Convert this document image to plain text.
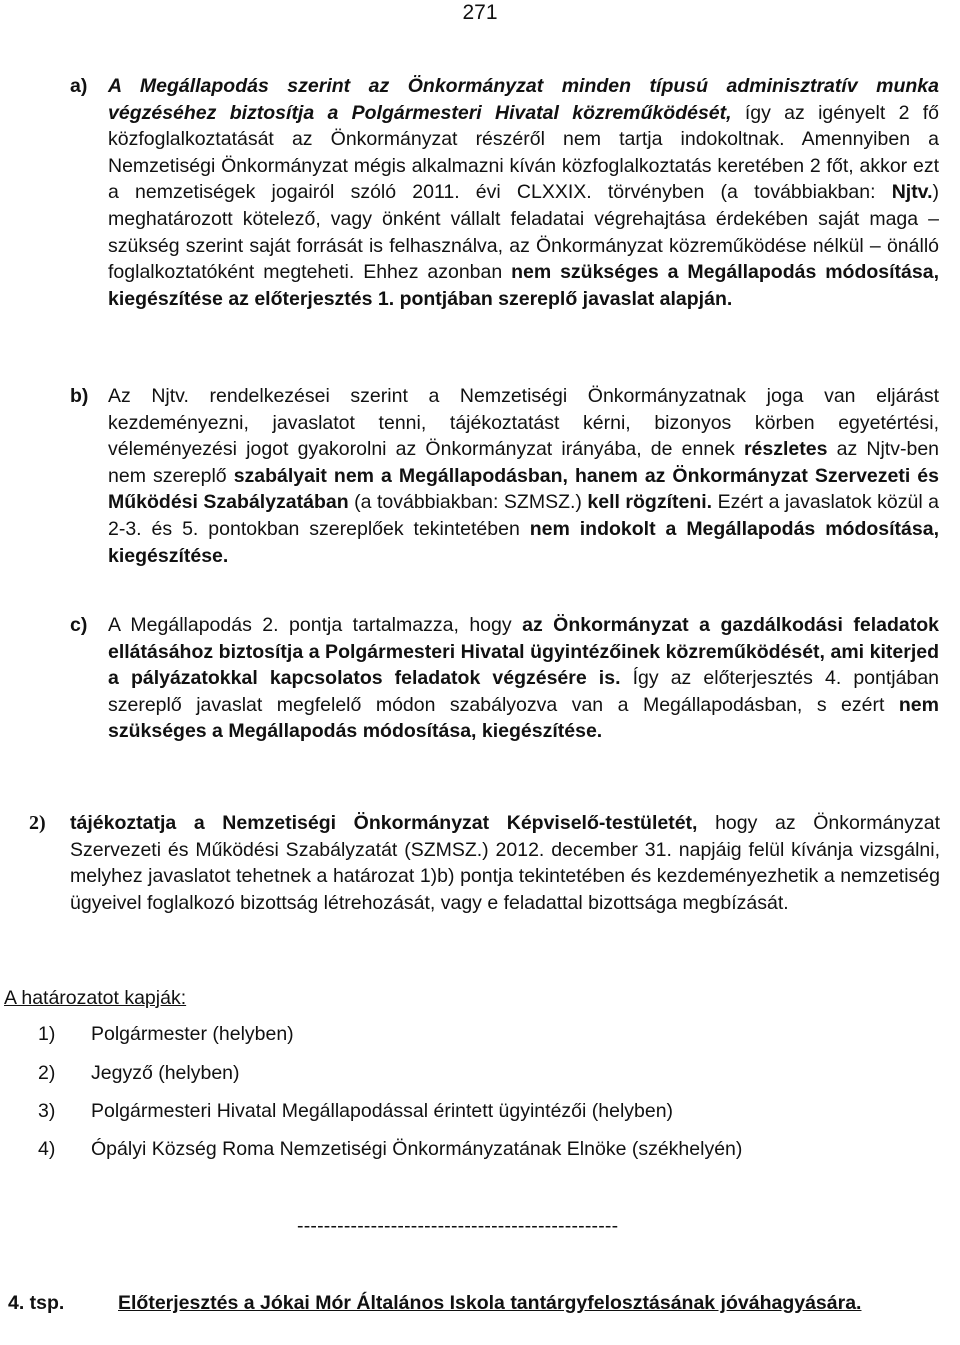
271
a) A Megállapodás szerint az Önkormányzat minden típusú adminisztratív munka végzéséhez biztosítja a Polgármesteri Hivatal közreműködését, így az igényelt 2 fő közfoglalkoztatását az Önkormányzat részéről nem tartja indokoltnak. Amennyiben a Nemzetiségi Önkormányzat mégis alkalmazni kíván közfoglalkoztatás keretében 2 főt, akkor ezt a nemzetiségek jogairól szóló 2011. évi CLXXIX. törvényben (a továbbiakban: Njtv.) meghatározott kötelező, vagy önként vállalt feladatai végrehajtása érdekében saját maga – szükség szerint saját forrását is felhasználva, az Önkormányzat közreműködése nélkül – önálló foglalkoztatóként megteheti. Ehhez azonban nem szükséges a Megállapodás módosítása, kiegészítése az előterjesztés 1. pontjában szereplő javaslat alapján.
b) Az Njtv. rendelkezései szerint a Nemzetiségi Önkormányzatnak joga van eljárást kezdeményezni, javaslatot tenni, tájékoztatást kérni, bizonyos körben egyetértési, véleményezési jogot gyakorolni az Önkormányzat irányába, de ennek részletes az Njtv-ben nem szereplő szabályait nem a Megállapodásban, hanem az Önkormányzat Szervezeti és Működési Szabályzatában (a továbbiakban: SZMSZ.) kell rögzíteni. Ezért a javaslatok közül a 2-3. és 5. pontokban szereplőek tekintetében nem indokolt a Megállapodás módosítása, kiegészítése.
c) A Megállapodás 2. pontja tartalmazza, hogy az Önkormányzat a gazdálkodási feladatok ellátásához biztosítja a Polgármesteri Hivatal ügyintézőinek közreműködését, ami kiterjed a pályázatokkal kapcsolatos feladatok végzésére is. Így az előterjesztés 4. pontjában szereplő javaslat megfelelő módon szabályozva van a Megállapodásban, s ezért nem szükséges a Megállapodás módosítása, kiegészítése.
2) tájékoztatja a Nemzetiségi Önkormányzat Képviselő-testületét, hogy az Önkormányzat Szervezeti és Működési Szabályzatát (SZMSZ.) 2012. december 31. napjáig felül kívánja vizsgálni, melyhez javaslatot tehetnek a határozat 1)b) pontja tekintetében és kezdeményezhetik a nemzetiség ügyeivel foglalkozó bizottság létrehozását, vagy e feladattal bizottsága megbízását.
A határozatot kapják:
1) Polgármester (helyben)
2) Jegyző (helyben)
3) Polgármesteri Hivatal Megállapodással érintett ügyintézői (helyben)
4) Ópályi Község Roma Nemzetiségi Önkormányzatának Elnöke (székhelyén)
------------------------------------------------
4. tsp.	Előterjesztés a Jókai Mór Általános Iskola tantárgyfelosztásának jóváhagyására.
